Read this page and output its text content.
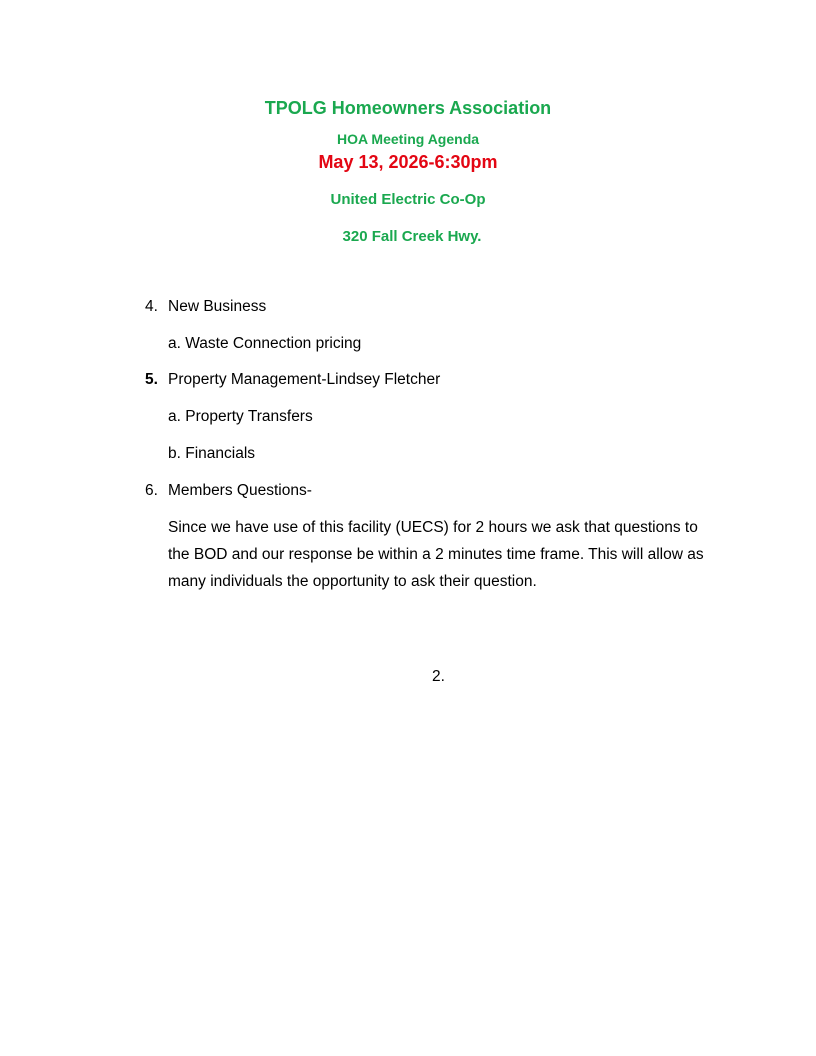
TPOLG Homeowners Association
HOA Meeting Agenda
May 13, 2026-6:30pm
United Electric Co-Op
320 Fall Creek Hwy.
4. New Business
a. Waste Connection pricing
5. Property Management-Lindsey Fletcher
a. Property Transfers
b. Financials
6. Members Questions-
Since we have use of this facility (UECS) for 2 hours we ask that questions to the BOD and our response be within a 2 minutes time frame. This will allow as many individuals the opportunity to ask their question.
2.
